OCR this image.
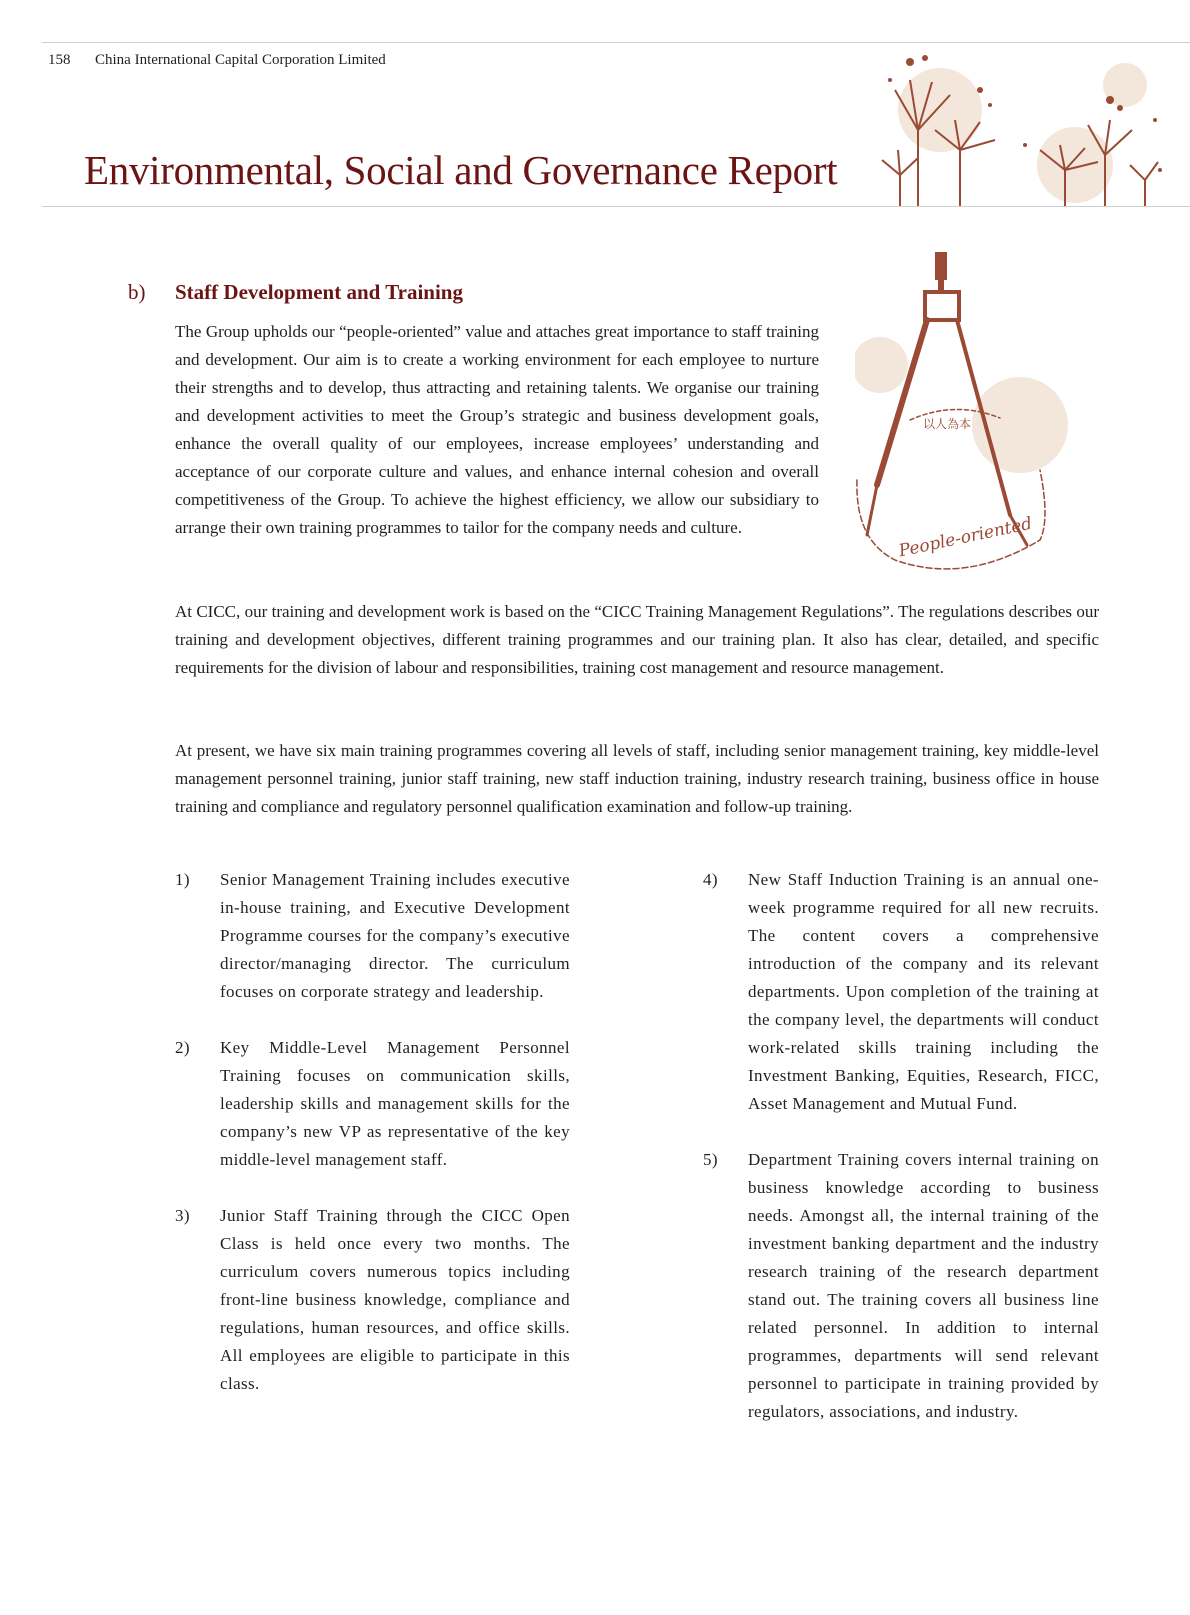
158 China International Capital Corporation Limited
Environmental, Social and Governance Report
b) Staff Development and Training
The Group upholds our “people-oriented” value and attaches great importance to staff training and development. Our aim is to create a working environment for each employee to nurture their strengths and to develop, thus attracting and retaining talents. We organise our training and development activities to meet the Group’s strategic and business development goals, enhance the overall quality of our employees, increase employees’ understanding and acceptance of our corporate culture and values, and enhance internal cohesion and overall competitiveness of the Group. To achieve the highest efficiency, we allow our subsidiary to arrange their own training programmes to tailor for the company needs and culture.
以人為本
People-oriented
At CICC, our training and development work is based on the “CICC Training Management Regulations”. The regulations describes our training and development objectives, different training programmes and our training plan. It also has clear, detailed, and specific requirements for the division of labour and responsibilities, training cost management and resource management.
At present, we have six main training programmes covering all levels of staff, including senior management training, key middle-level management personnel training, junior staff training, new staff induction training, industry research training, business office in house training and compliance and regulatory personnel qualification examination and follow-up training.
1) Senior Management Training includes executive in-house training, and Executive Development Programme courses for the company’s executive director/managing director. The curriculum focuses on corporate strategy and leadership.
2) Key Middle-Level Management Personnel Training focuses on communication skills, leadership skills and management skills for the company’s new VP as representative of the key middle-level management staff.
3) Junior Staff Training through the CICC Open Class is held once every two months. The curriculum covers numerous topics including front-line business knowledge, compliance and regulations, human resources, and office skills. All employees are eligible to participate in this class.
4) New Staff Induction Training is an annual one-week programme required for all new recruits. The content covers a comprehensive introduction of the company and its relevant departments. Upon completion of the training at the company level, the departments will conduct work-related skills training including the Investment Banking, Equities, Research, FICC, Asset Management and Mutual Fund.
5) Department Training covers internal training on business knowledge according to business needs. Amongst all, the internal training of the investment banking department and the industry research training of the research department stand out. The training covers all business line related personnel. In addition to internal programmes, departments will send relevant personnel to participate in training provided by regulators, associations, and industry.
